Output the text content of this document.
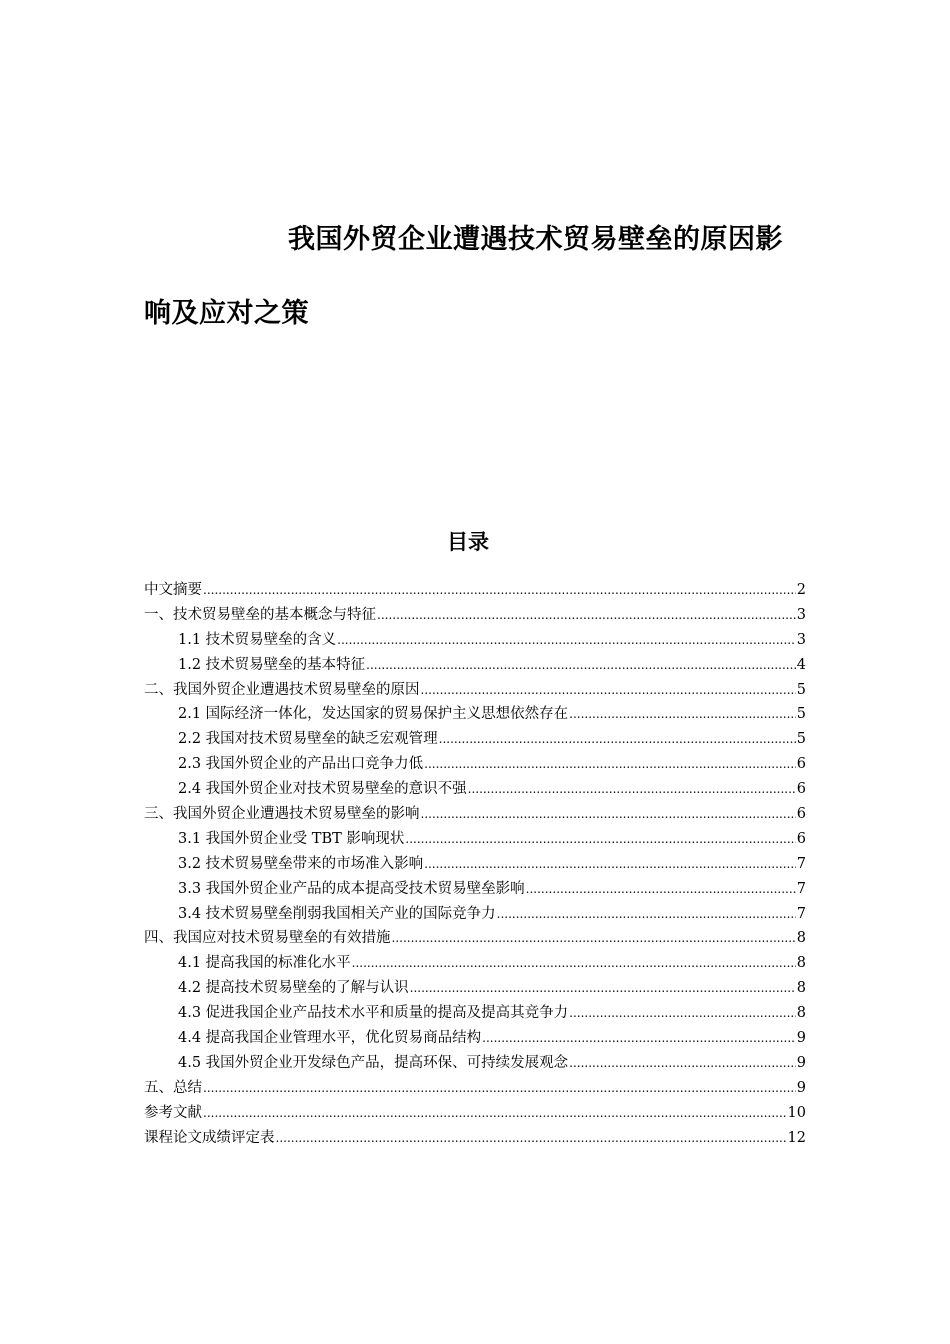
我国外贸企业遭遇技术贸易壁垒的原因影
响及应对之策
目录
中文摘要 .....	2
一、技术贸易壁垒的基本概念与特征 .....	3
1.1 技术贸易壁垒的含义 .....	3
1.2 技术贸易壁垒的基本特征 .....	4
二、我国外贸企业遭遇技术贸易壁垒的原因 .....	5
2.1 国际经济一体化，发达国家的贸易保护主义思想依然存在 .....	5
2.2 我国对技术贸易壁垒的缺乏宏观管理 .....	5
2.3 我国外贸企业的产品出口竞争力低 .....	6
2.4 我国外贸企业对技术贸易壁垒的意识不强 .....	6
三、我国外贸企业遭遇技术贸易壁垒的影响 .....	6
3.1 我国外贸企业受 TBT 影响现状 .....	6
3.2 技术贸易壁垒带来的市场准入影响 .....	7
3.3 我国外贸企业产品的成本提高受技术贸易壁垒影响 .....	7
3.4 技术贸易壁垒削弱我国相关产业的国际竞争力 .....	7
四、我国应对技术贸易壁垒的有效措施 .....	8
4.1 提高我国的标准化水平 .....	8
4.2 提高技术贸易壁垒的了解与认识 .....	8
4.3 促进我国企业产品技术水平和质量的提高及提高其竞争力 .....	8
4.4 提高我国企业管理水平，优化贸易商品结构 .....	9
4.5 我国外贸企业开发绿色产品，提高环保、可持续发展观念 .....	9
五、总结 .....	9
参考文献 .....	10
课程论文成绩评定表 .....	12
